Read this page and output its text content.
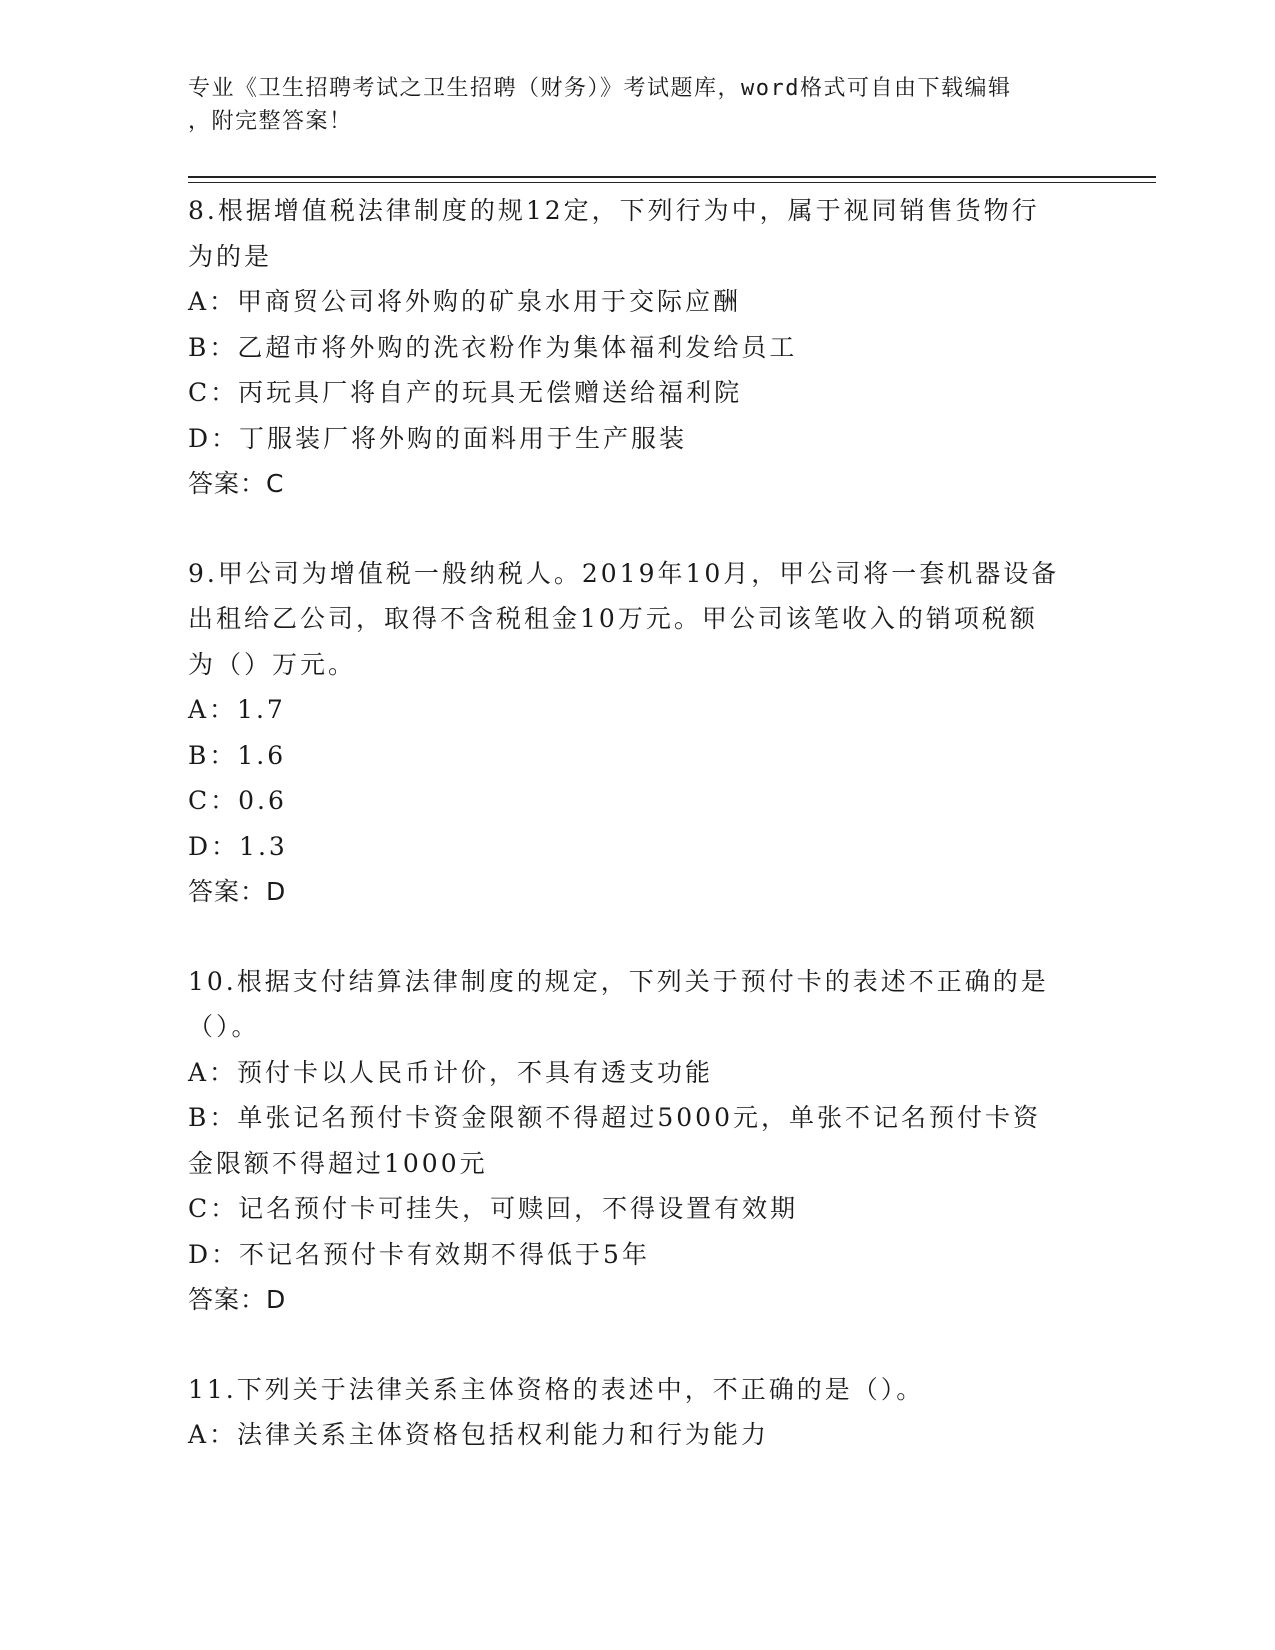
专业《卫生招聘考试之卫生招聘（财务）》考试题库，word格式可自由下载编辑
，附完整答案！
8.根据增值税法律制度的规12定，下列行为中，属于视同销售货物行
为的是
A：甲商贸公司将外购的矿泉水用于交际应酬
B：乙超市将外购的洗衣粉作为集体福利发给员工
C：丙玩具厂将自产的玩具无偿赠送给福利院
D：丁服装厂将外购的面料用于生产服装
答案：C
9.甲公司为增值税一般纳税人。2019年10月，甲公司将一套机器设备
出租给乙公司，取得不含税租金10万元。甲公司该笔收入的销项税额
为（）万元。
A：1.7
B：1.6
C：0.6
D：1.3
答案：D
10.根据支付结算法律制度的规定，下列关于预付卡的表述不正确的是
（）。
A：预付卡以人民币计价，不具有透支功能
B：单张记名预付卡资金限额不得超过5000元，单张不记名预付卡资
金限额不得超过1000元
C：记名预付卡可挂失，可赎回，不得设置有效期
D：不记名预付卡有效期不得低于5年
答案：D
11.下列关于法律关系主体资格的表述中，不正确的是（）。
A：法律关系主体资格包括权利能力和行为能力
